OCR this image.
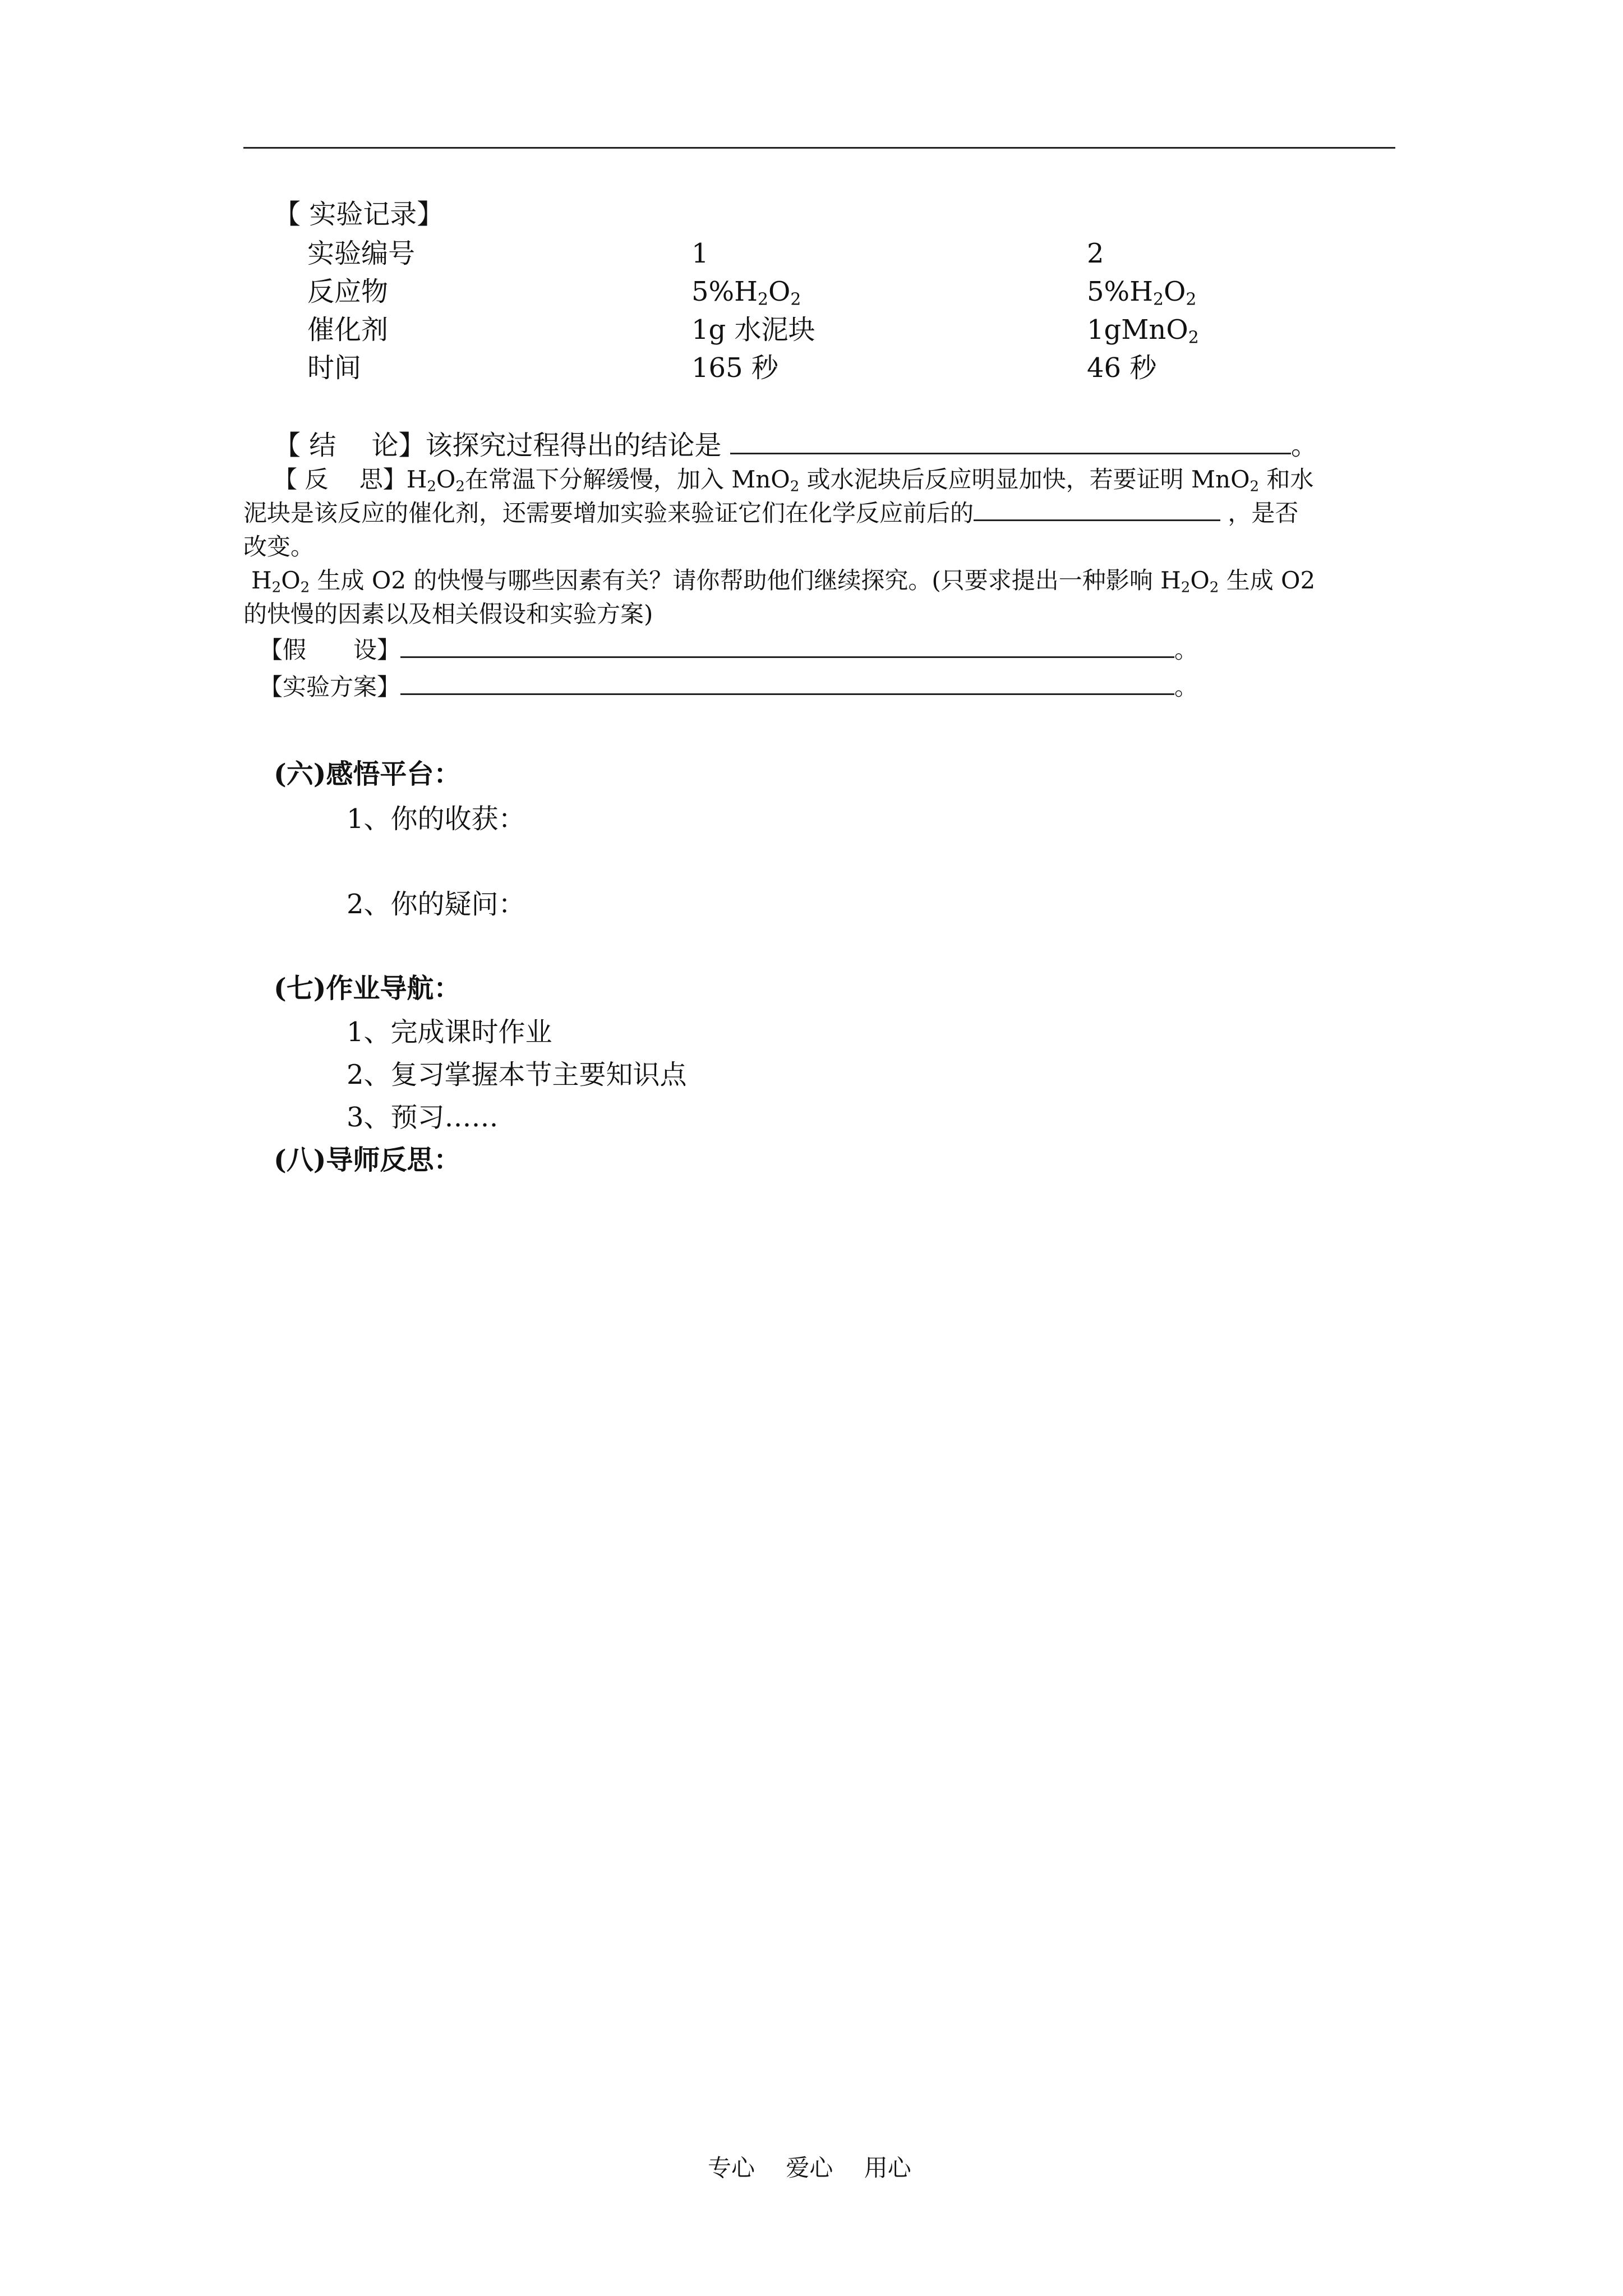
【 实验记录】
实验编号	1	2
反应物	$5\%H_2O_2$	$5\%H_2O_2$
催化剂	1g 水泥块	1gMnO$_2$
时间	165 秒	46 秒
【 结　 论】该探究过程得出的结论是	。
【 反　 思】$H_2O_2$在常温下分解缓慢，加入 MnO$_2$ 或水泥块后反应明显加快，若要证明 MnO$_2$ 和水
泥块是该反应的催化剂，还需要增加实验来验证它们在化学反应前后的	，是否
改变。
$H_2O_2$ 生成 O2 的快慢与哪些因素有关？请你帮助他们继续探究。(只要求提出一种影响 $H_2O_2$ 生成 O2
的快慢的因素以及相关假设和实验方案)
【假　　设】	。
【实验方案】	。
(六)感悟平台：
1、你的收获：
2、你的疑问：
(七)作业导航：
1、完成课时作业
2、复习掌握本节主要知识点
3、预习……
(八)导师反思：
专心　 爱心　 用心
